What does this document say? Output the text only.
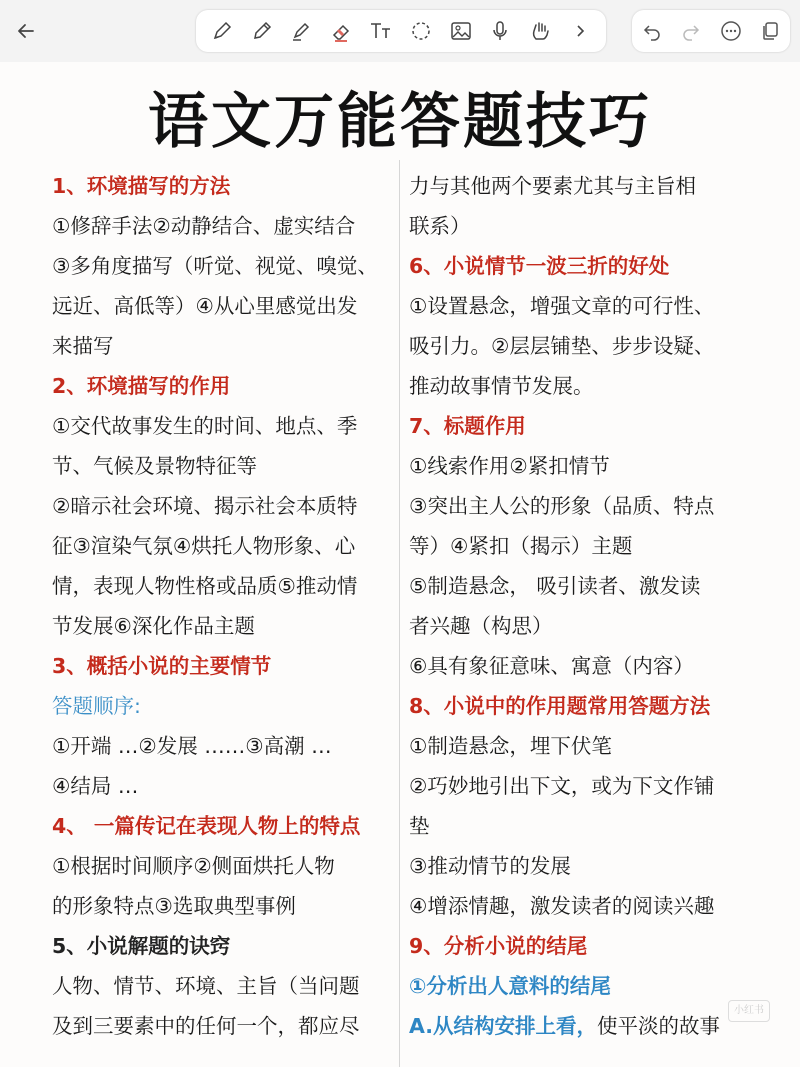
语文万能答题技巧
1、环境描写的方法
①修辞手法②动静结合、虚实结合
③多角度描写（听觉、视觉、嗅觉、
远近、高低等）④从心里感觉出发
来描写
2、环境描写的作用
①交代故事发生的时间、地点、季
节、气候及景物特征等
②暗示社会环境、揭示社会本质特
征③渲染气氛④烘托人物形象、心
情，表现人物性格或品质⑤推动情
节发展⑥深化作品主题
3、概括小说的主要情节
答题顺序:
①开端 …②发展 ……③高潮 …
④结局 …
4、 一篇传记在表现人物上的特点
①根据时间顺序②侧面烘托人物
的形象特点③选取典型事例
5、小说解题的诀窍
人物、情节、环境、主旨（当问题
及到三要素中的任何一个，都应尽
力与其他两个要素尤其与主旨相
联系）
6、小说情节一波三折的好处
①设置悬念，增强文章的可行性、
吸引力。②层层铺垫、步步设疑、
推动故事情节发展。
7、标题作用
①线索作用②紧扣情节
③突出主人公的形象（品质、特点
等）④紧扣（揭示）主题
⑤制造悬念， 吸引读者、激发读
者兴趣（构思）
⑥具有象征意味、寓意（内容）
8、小说中的作用题常用答题方法
①制造悬念，埋下伏笔
②巧妙地引出下文，或为下文作铺
垫
③推动情节的发展
④增添情趣，激发读者的阅读兴趣
9、分析小说的结尾
①分析出人意料的结尾
A.从结构安排上看，使平淡的故事
小红书
